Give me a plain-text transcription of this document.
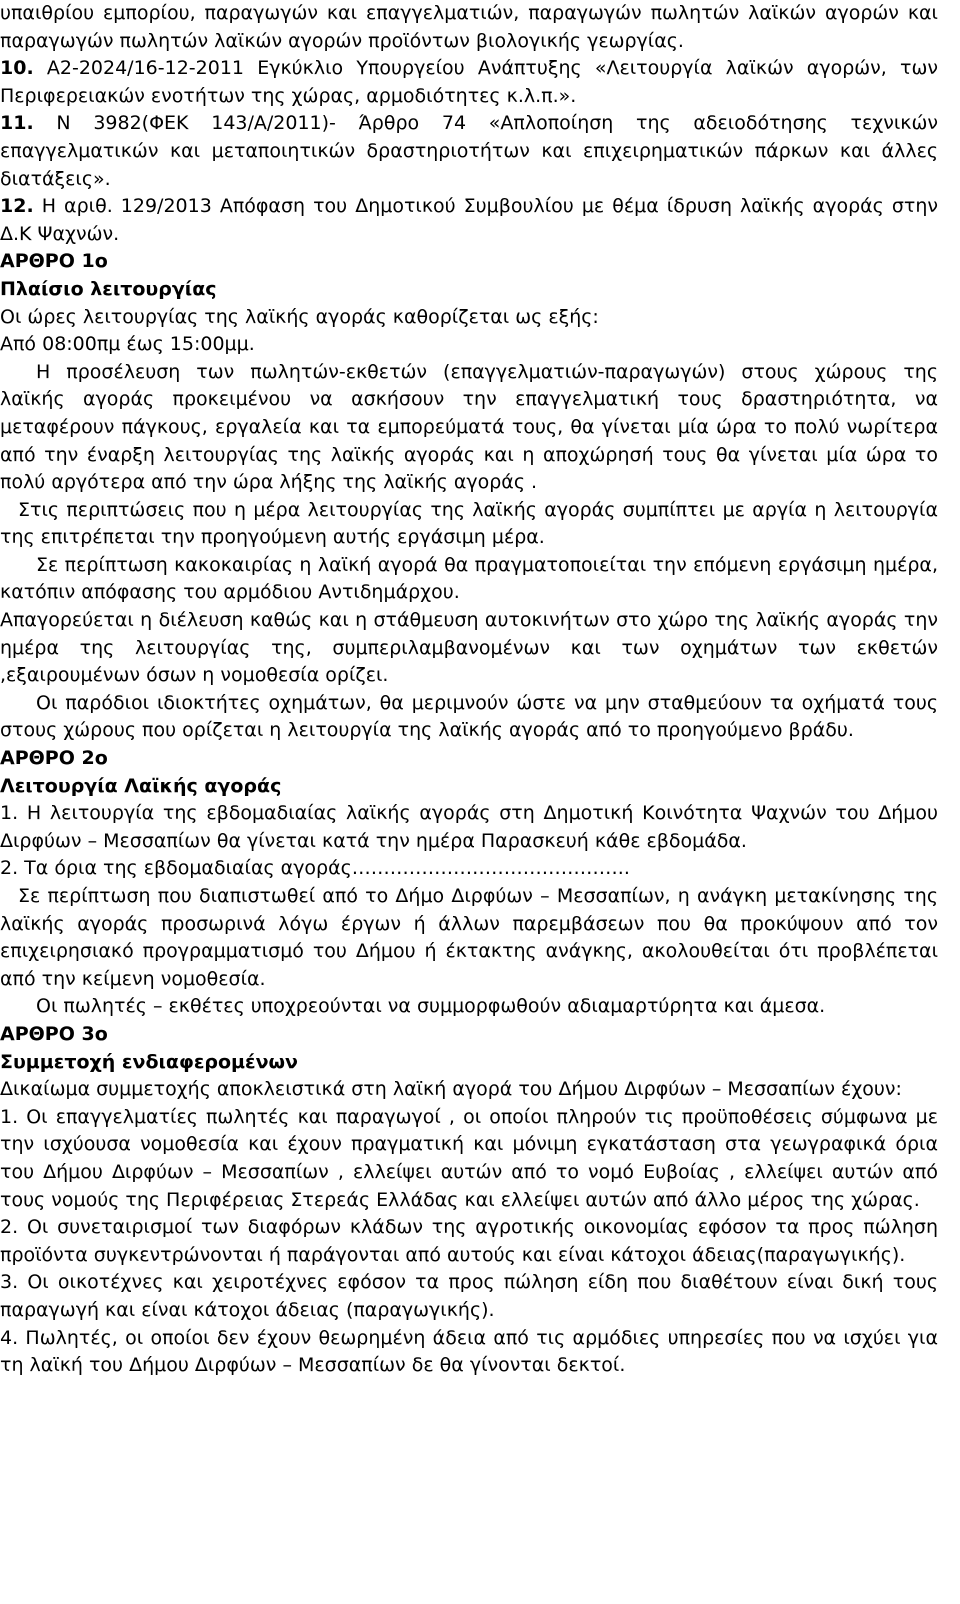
υπαιθρίου εμπορίου, παραγωγών και επαγγελματιών, παραγωγών πωλητών λαϊκών αγορών και παραγωγών πωλητών λαϊκών αγορών προϊόντων βιολογικής γεωργίας.

10. Α2-2024/16-12-2011 Εγκύκλιο Υπουργείου Ανάπτυξης «Λειτουργία λαϊκών αγορών, των Περιφερειακών ενοτήτων της χώρας, αρμοδιότητες κ.λ.π.».

11. Ν 3982(ΦΕΚ 143/Α/2011)- Άρθρο 74 «Απλοποίηση της αδειοδότησης τεχνικών επαγγελματικών και μεταποιητικών δραστηριοτήτων και επιχειρηματικών πάρκων και άλλες διατάξεις».

12. Η αριθ. 129/2013 Απόφαση του Δημοτικού Συμβουλίου με θέμα ίδρυση λαϊκής αγοράς στην Δ.Κ Ψαχνών.

ΑΡΘΡΟ 1ο

Πλαίσιο λειτουργίας

Οι ώρες λειτουργίας της λαϊκής αγοράς καθορίζεται ως εξής:

Από 08:00πμ έως 15:00μμ.

Η προσέλευση των πωλητών-εκθετών (επαγγελματιών-παραγωγών) στους χώρους της λαϊκής αγοράς προκειμένου να ασκήσουν την επαγγελματική τους δραστηριότητα, να μεταφέρουν πάγκους, εργαλεία και τα εμπορεύματά τους, θα γίνεται μία ώρα το πολύ νωρίτερα από την έναρξη λειτουργίας της λαϊκής αγοράς και η αποχώρησή τους θα γίνεται μία ώρα το πολύ αργότερα από την ώρα λήξης της λαϊκής αγοράς .

Στις περιπτώσεις που η μέρα λειτουργίας της λαϊκής αγοράς συμπίπτει με αργία η λειτουργία της επιτρέπεται την προηγούμενη αυτής εργάσιμη μέρα.

Σε περίπτωση κακοκαιρίας η λαϊκή αγορά θα πραγματοποιείται την επόμενη εργάσιμη ημέρα, κατόπιν απόφασης του αρμόδιου Αντιδημάρχου.

Απαγορεύεται η διέλευση καθώς και η στάθμευση αυτοκινήτων στο χώρο της λαϊκής αγοράς την ημέρα της λειτουργίας της, συμπεριλαμβανομένων και των οχημάτων των εκθετών ,εξαιρουμένων όσων η νομοθεσία ορίζει.

Οι παρόδιοι ιδιοκτήτες οχημάτων, θα μεριμνούν ώστε να μην σταθμεύουν τα οχήματά τους στους χώρους που ορίζεται η λειτουργία της λαϊκής αγοράς από το προηγούμενο βράδυ.

ΑΡΘΡΟ 2ο

Λειτουργία Λαϊκής αγοράς

1. Η λειτουργία της εβδομαδιαίας λαϊκής αγοράς στη Δημοτική Κοινότητα Ψαχνών του Δήμου Διρφύων – Μεσσαπίων θα γίνεται κατά την ημέρα Παρασκευή κάθε εβδομάδα.

2. Τα όρια της εβδομαδιαίας αγοράς……………………………………..

Σε περίπτωση που διαπιστωθεί από το Δήμο Διρφύων – Μεσσαπίων, η ανάγκη μετακίνησης της λαϊκής αγοράς προσωρινά λόγω έργων ή άλλων παρεμβάσεων που θα προκύψουν από τον επιχειρησιακό προγραμματισμό του Δήμου ή έκτακτης ανάγκης, ακολουθείται ότι προβλέπεται από την κείμενη νομοθεσία.

Οι πωλητές – εκθέτες υποχρεούνται να συμμορφωθούν αδιαμαρτύρητα και άμεσα.

ΑΡΘΡΟ 3ο

Συμμετοχή ενδιαφερομένων

Δικαίωμα συμμετοχής αποκλειστικά στη λαϊκή αγορά του Δήμου Διρφύων – Μεσσαπίων έχουν:

1. Οι επαγγελματίες πωλητές και παραγωγοί , οι οποίοι πληρούν τις προϋποθέσεις σύμφωνα με την ισχύουσα νομοθεσία και έχουν πραγματική και μόνιμη εγκατάσταση στα γεωγραφικά όρια του Δήμου Διρφύων – Μεσσαπίων , ελλείψει αυτών από το νομό Ευβοίας , ελλείψει αυτών από τους νομούς της Περιφέρειας Στερεάς Ελλάδας και ελλείψει αυτών από άλλο μέρος της χώρας.

2. Οι συνεταιρισμοί των διαφόρων κλάδων της αγροτικής οικονομίας εφόσον τα προς πώληση προϊόντα συγκεντρώνονται ή παράγονται από αυτούς και είναι κάτοχοι άδειας(παραγωγικής).

3. Οι οικοτέχνες και χειροτέχνες εφόσον τα προς πώληση είδη που διαθέτουν είναι δική τους παραγωγή και είναι κάτοχοι άδειας (παραγωγικής).

4. Πωλητές, οι οποίοι δεν έχουν θεωρημένη άδεια από τις αρμόδιες υπηρεσίες που να ισχύει για τη λαϊκή του Δήμου Διρφύων – Μεσσαπίων δε θα γίνονται δεκτοί.
